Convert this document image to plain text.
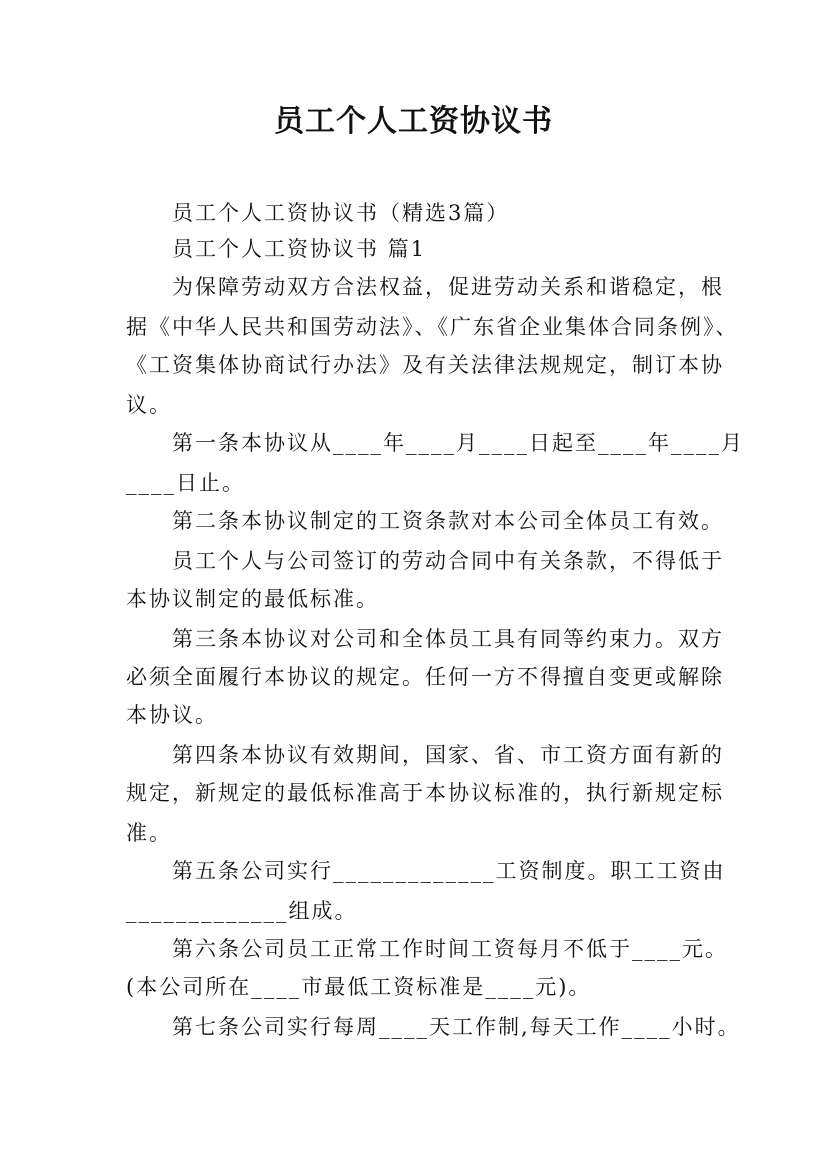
员工个人工资协议书
员工个人工资协议书（精选3篇）
员工个人工资协议书 篇1
为保障劳动双方合法权益，促进劳动关系和谐稳定，根
据《中华人民共和国劳动法》、《广东省企业集体合同条例》、
《工资集体协商试行办法》及有关法律法规规定，制订本协
议。
第一条本协议从____年____月____日起至____年____月
____日止。
第二条本协议制定的工资条款对本公司全体员工有效。
员工个人与公司签订的劳动合同中有关条款，不得低于
本协议制定的最低标准。
第三条本协议对公司和全体员工具有同等约束力。双方
必须全面履行本协议的规定。任何一方不得擅自变更或解除
本协议。
第四条本协议有效期间，国家、省、市工资方面有新的
规定，新规定的最低标准高于本协议标准的，执行新规定标
准。
第五条公司实行_____________工资制度。职工工资由
_____________组成。
第六条公司员工正常工作时间工资每月不低于____元。
(本公司所在____市最低工资标准是____元)。
第七条公司实行每周____天工作制,每天工作____小时。
